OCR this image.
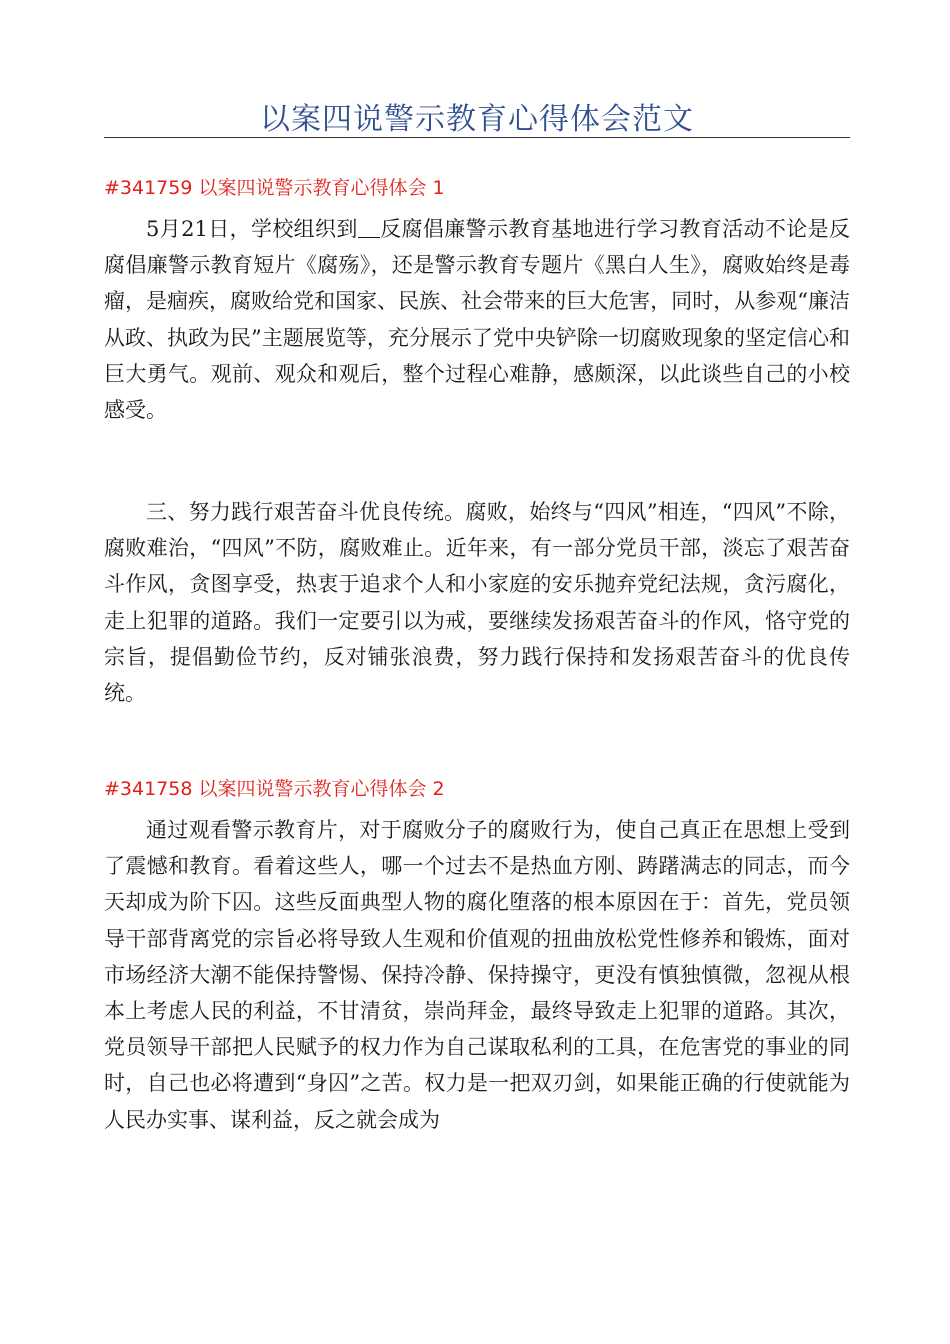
以案四说警示教育心得体会范文
#341759 以案四说警示教育心得体会 1

5月21日，学校组织到 反腐倡廉警示教育基地进行学习教育活动不论是反腐倡廉警示教育短片《腐殇》，还是警示教育专题片《黑白人生》，腐败始终是毒瘤，是痼疾，腐败给党和国家、民族、社会带来的巨大危害，同时，从参观“廉洁从政、执政为民”主题展览等，充分展示了党中央铲除一切腐败现象的坚定信心和巨大勇气。观前、观众和观后，整个过程心难静，感颇深，以此谈些自己的小校感受。

三、努力践行艰苦奋斗优良传统。腐败，始终与“四风”相连，“四风”不除，腐败难治，“四风”不防，腐败难止。近年来，有一部分党员干部，淡忘了艰苦奋斗作风，贪图享受，热衷于追求个人和小家庭的安乐抛弃党纪法规，贪污腐化，走上犯罪的道路。我们一定要引以为戒，要继续发扬艰苦奋斗的作风，恪守党的宗旨，提倡勤俭节约，反对铺张浪费，努力践行保持和发扬艰苦奋斗的优良传统。

#341758 以案四说警示教育心得体会 2

通过观看警示教育片，对于腐败分子的腐败行为，使自己真正在思想上受到了震憾和教育。看着这些人，哪一个过去不是热血方刚、踌躇满志的同志，而今天却成为阶下囚。这些反面典型人物的腐化堕落的根本原因在于：首先，党员领导干部背离党的宗旨必将导致人生观和价值观的扭曲放松党性修养和锻炼，面对市场经济大潮不能保持警惕、保持冷静、保持操守，更没有慎独慎微，忽视从根本上考虑人民的利益，不甘清贫，崇尚拜金，最终导致走上犯罪的道路。其次，党员领导干部把人民赋予的权力作为自己谋取私利的工具，在危害党的事业的同时，自己也必将遭到“身囚”之苦。权力是一把双刃剑，如果能正确的行使就能为人民办实事、谋利益，反之就会成为
